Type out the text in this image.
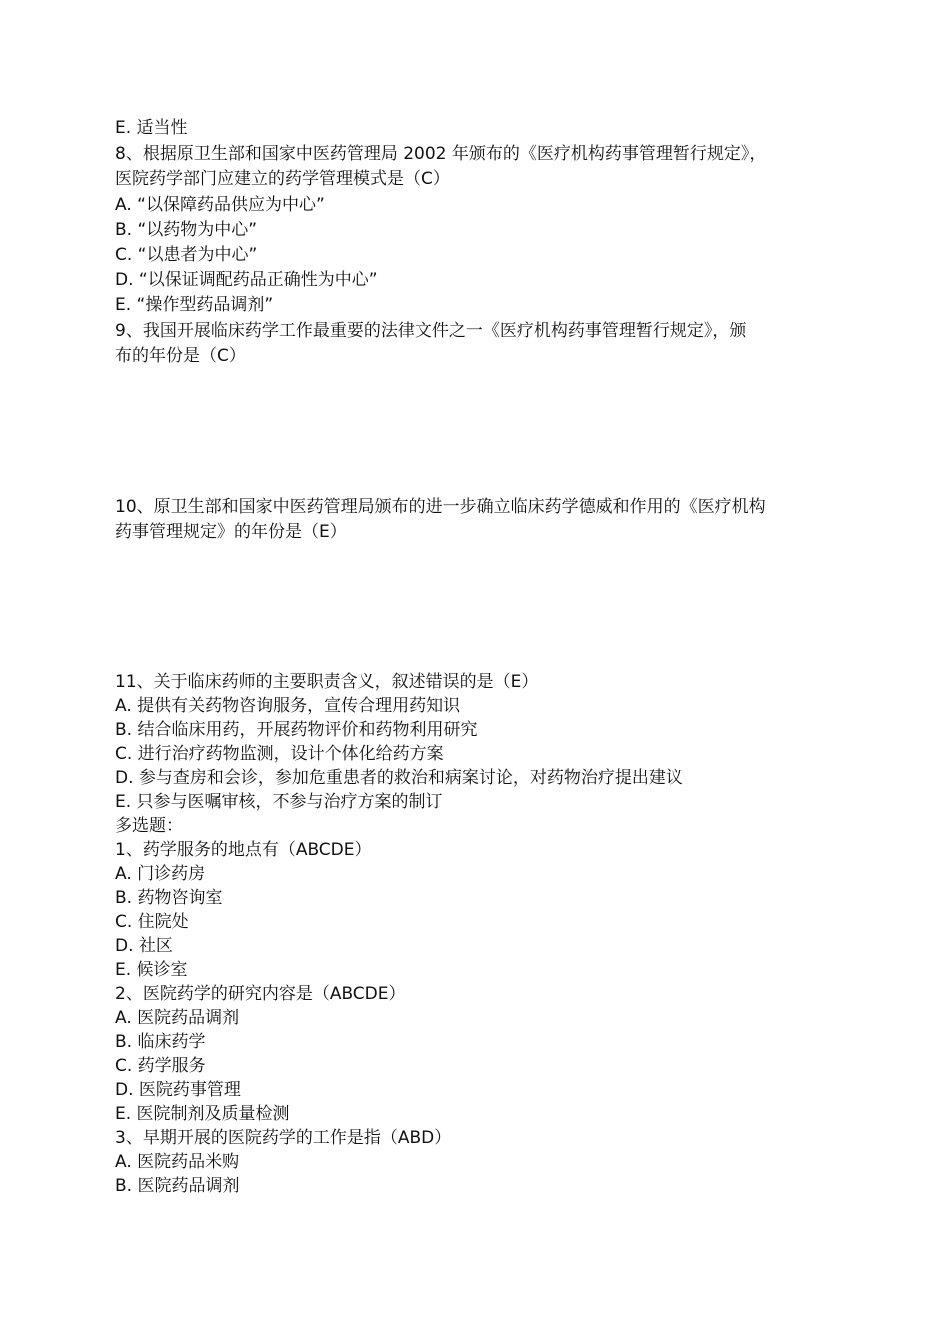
E. 适当性
8、根据原卫生部和国家中医药管理局 2002 年颁布的《医疗机构药事管理暂行规定》，
医院药学部门应建立的药学管理模式是（C）
A. “以保障药品供应为中心”
B. “以药物为中心”
C. “以患者为中心”
D. “以保证调配药品正确性为中心”
E. “操作型药品调剂”
9、我国开展临床药学工作最重要的法律文件之一《医疗机构药事管理暂行规定》，颁
布的年份是（C）
10、原卫生部和国家中医药管理局颁布的进一步确立临床药学德威和作用的《医疗机构
药事管理规定》的年份是（E）
11、关于临床药师的主要职责含义，叙述错误的是（E）
A. 提供有关药物咨询服务，宣传合理用药知识
B. 结合临床用药，开展药物评价和药物利用研究
C. 进行治疗药物监测，设计个体化给药方案
D. 参与查房和会诊，参加危重患者的救治和病案讨论，对药物治疗提出建议
E. 只参与医嘱审核，不参与治疗方案的制订
多选题：
1、药学服务的地点有（ABCDE）
A. 门诊药房
B. 药物咨询室
C. 住院处
D. 社区
E. 候诊室
2、医院药学的研究内容是（ABCDE）
A. 医院药品调剂
B. 临床药学
C. 药学服务
D. 医院药事管理
E. 医院制剂及质量检测
3、早期开展的医院药学的工作是指（ABD）
A. 医院药品米购
B. 医院药品调剂
